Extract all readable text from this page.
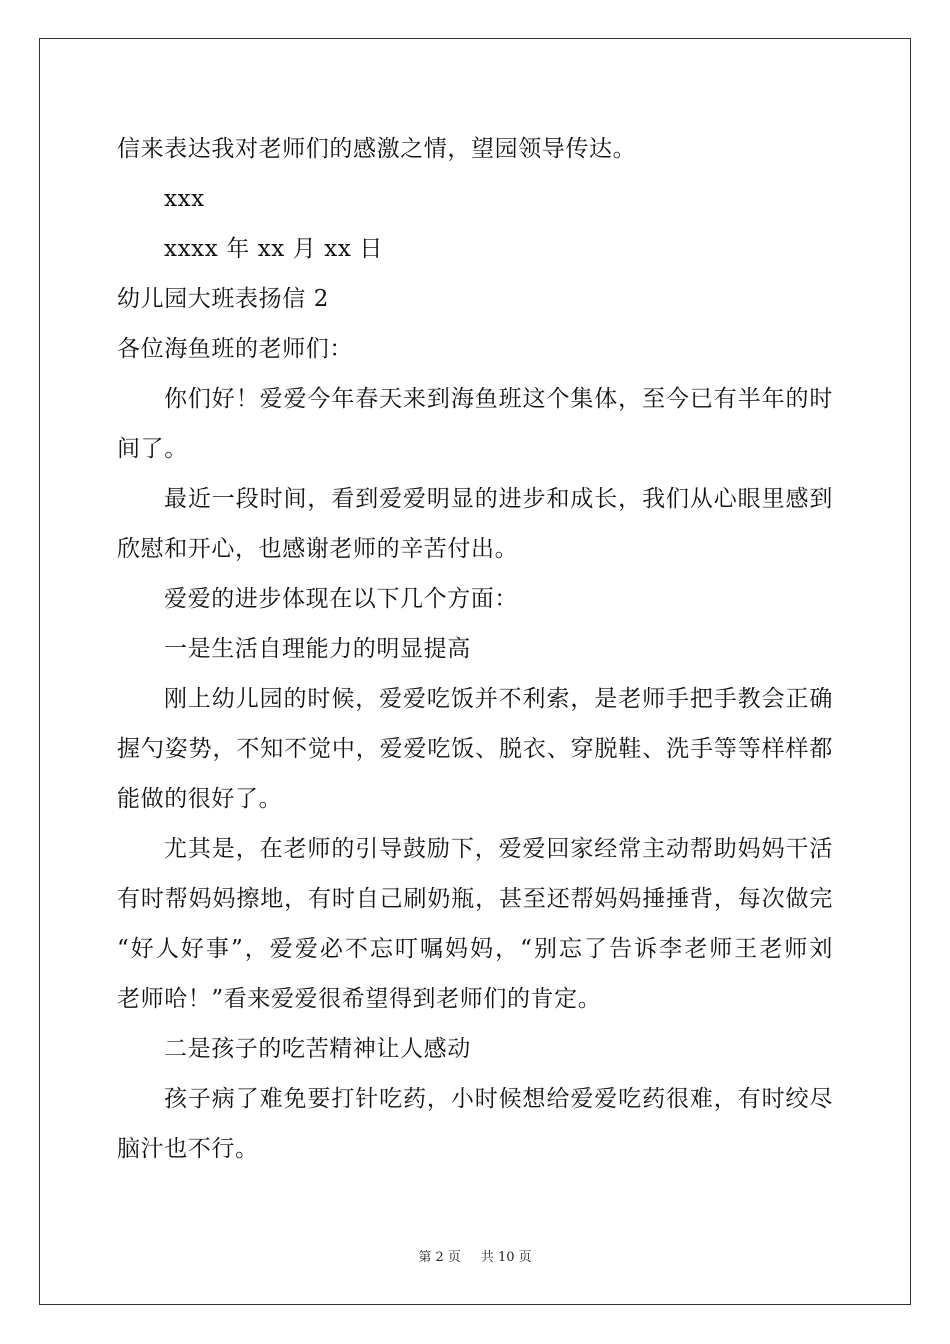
信来表达我对老师们的感激之情，望园领导传达。
xxx
xxxx 年 xx 月 xx 日
幼儿园大班表扬信 2
各位海鱼班的老师们：
你们好！爱爱今年春天来到海鱼班这个集体，至今已有半年的时
间了。
最近一段时间，看到爱爱明显的进步和成长，我们从心眼里感到
欣慰和开心，也感谢老师的辛苦付出。
爱爱的进步体现在以下几个方面：
一是生活自理能力的明显提高
刚上幼儿园的时候，爱爱吃饭并不利索，是老师手把手教会正确
握勺姿势，不知不觉中，爱爱吃饭、脱衣、穿脱鞋、洗手等等样样都
能做的很好了。
尤其是，在老师的引导鼓励下，爱爱回家经常主动帮助妈妈干活
有时帮妈妈擦地，有时自己刷奶瓶，甚至还帮妈妈捶捶背，每次做完
“好人好事”，爱爱必不忘叮嘱妈妈，“别忘了告诉李老师王老师刘
老师哈！”看来爱爱很希望得到老师们的肯定。
二是孩子的吃苦精神让人感动
孩子病了难免要打针吃药，小时候想给爱爱吃药很难，有时绞尽
脑汁也不行。
第 2 页 共 10 页
